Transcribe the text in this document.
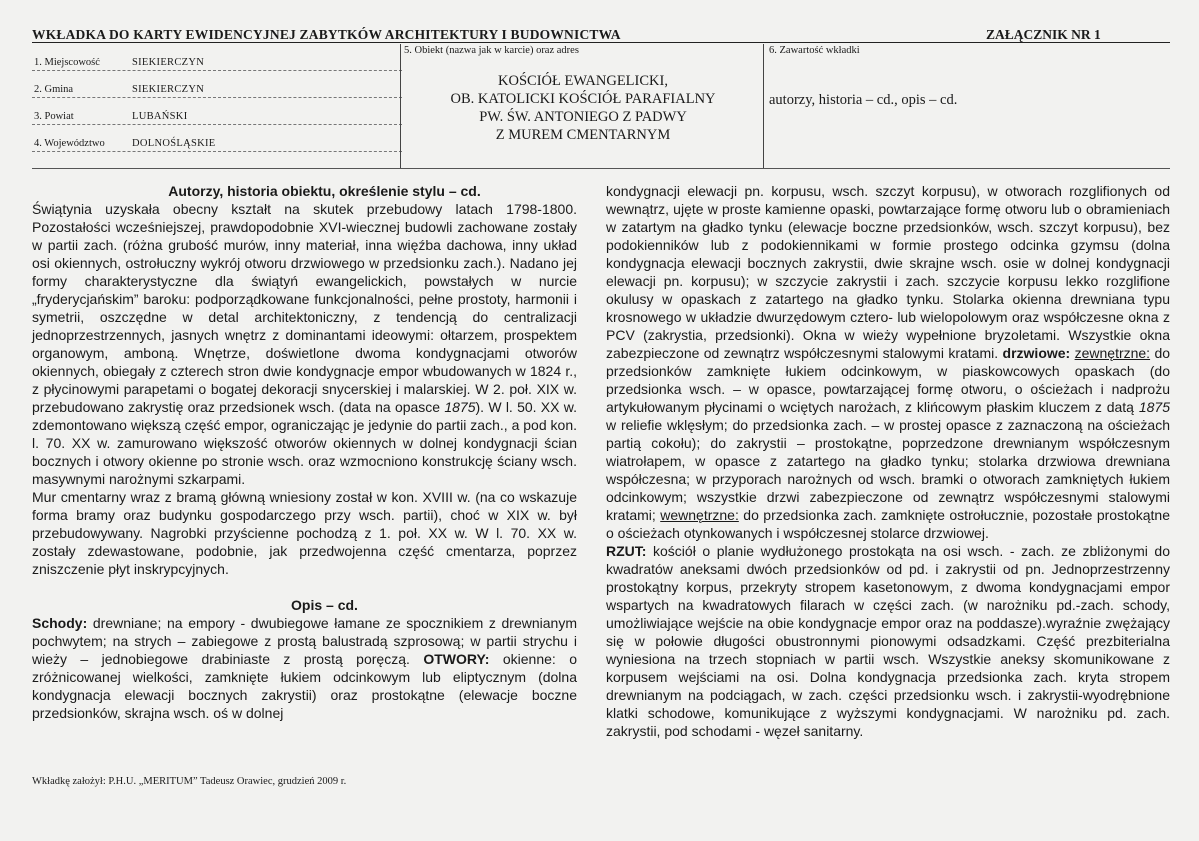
WKŁADKA DO KARTY EWIDENCYJNEJ ZABYTKÓW ARCHITEKTURY I BUDOWNICTWA	ZAŁĄCZNIK NR 1
1. Miejscowość	SIEKIERCZYN
2. Gmina	SIEKIERCZYN
3. Powiat	LUBAŃSKI
4. Województwo	DOLNOŚLĄSKIE
5. Obiekt (nazwa jak w karcie) oraz adres
KOŚCIÓŁ EWANGELICKI,
OB. KATOLICKI KOŚCIÓŁ PARAFIALNY
PW. ŚW. ANTONIEGO Z PADWY
Z MUREM CMENTARNYM
6. Zawartość wkładki
autorzy, historia – cd., opis – cd.

Autorzy, historia obiektu, określenie stylu – cd.

Świątynia uzyskała obecny kształt na skutek przebudowy latach 1798-1800. Pozostałości wcześniejszej, prawdopodobnie XVI-wiecznej budowli zachowane zostały w partii zach. (różna grubość murów, inny materiał, inna więźba dachowa, inny układ osi okiennych, ostrołuczny wykrój otworu drzwiowego w przedsionku zach.). Nadano jej formy charakterystyczne dla świątyń ewangelickich, powstałych w nurcie „fryderycjańskim” baroku: podporządkowane funkcjonalności, pełne prostoty, harmonii i symetrii, oszczędne w detal architektoniczny, z tendencją do centralizacji jednoprzestrzennych, jasnych wnętrz z dominantami ideowymi: ołtarzem, prospektem organowym, amboną. Wnętrze, doświetlone dwoma kondygnacjami otworów okiennych, obiegały z czterech stron dwie kondygnacje empor wbudowanych w 1824 r., z płycinowymi parapetami o bogatej dekoracji snycerskiej i malarskiej. W 2. poł. XIX w. przebudowano zakrystię oraz przedsionek wsch. (data na opasce 1875). W l. 50. XX w. zdemontowano większą część empor, ograniczając je jedynie do partii zach., a pod kon. l. 70. XX w. zamurowano większość otworów okiennych w dolnej kondygnacji ścian bocznych i otwory okienne po stronie wsch. oraz wzmocniono konstrukcję ściany wsch. masywnymi narożnymi szkarpami.

Mur cmentarny wraz z bramą główną wniesiony został w kon. XVIII w. (na co wskazuje forma bramy oraz budynku gospodarczego przy wsch. partii), choć w XIX w. był przebudowywany. Nagrobki przyścienne pochodzą z 1. poł. XX w. W l. 70. XX w. zostały zdewastowane, podobnie, jak przedwojenna część cmentarza, poprzez zniszczenie płyt inskrypcyjnych.

Opis – cd.

Schody: drewniane; na empory - dwubiegowe łamane ze spocznikiem z drewnianym pochwytem; na strych – zabiegowe z prostą balustradą szprosową; w partii strychu i wieży – jednobiegowe drabiniaste z prostą poręczą. OTWORY: okienne: o zróżnicowanej wielkości, zamknięte łukiem odcinkowym lub eliptycznym (dolna kondygnacja elewacji bocznych zakrystii) oraz prostokątne (elewacje boczne przedsionków, skrajna wsch. oś w dolnej

kondygnacji elewacji pn. korpusu, wsch. szczyt korpusu), w otworach rozglifionych od wewnątrz, ujęte w proste kamienne opaski, powtarzające formę otworu lub o obramieniach w zatartym na gładko tynku (elewacje boczne przedsionków, wsch. szczyt korpusu), bez podokienników lub z podokiennikami w formie prostego odcinka gzymsu (dolna kondygnacja elewacji bocznych zakrystii, dwie skrajne wsch. osie w dolnej kondygnacji elewacji pn. korpusu); w szczycie zakrystii i zach. szczycie korpusu lekko rozglifione okulusy w opaskach z zatartego na gładko tynku. Stolarka okienna drewniana typu krosnowego w układzie dwurzędowym cztero- lub wielopolowym oraz współczesne okna z PCV (zakrystia, przedsionki). Okna w wieży wypełnione bryzoletami. Wszystkie okna zabezpieczone od zewnątrz współczesnymi stalowymi kratami. drzwiowe: zewnętrzne: do przedsionków zamknięte łukiem odcinkowym, w piaskowcowych opaskach (do przedsionka wsch. – w opasce, powtarzającej formę otworu, o ościeżach i nadprożu artykułowanym płycinami o wciętych narożach, z klińcowym płaskim kluczem z datą 1875 w reliefie wklęsłym; do przedsionka zach. – w prostej opasce z zaznaczoną na ościeżach partią cokołu); do zakrystii – prostokątne, poprzedzone drewnianym współczesnym wiatrołapem, w opasce z zatartego na gładko tynku; stolarka drzwiowa drewniana współczesna; w przyporach narożnych od wsch. bramki o otworach zamkniętych łukiem odcinkowym; wszystkie drzwi zabezpieczone od zewnątrz współczesnymi stalowymi kratami; wewnętrzne: do przedsionka zach. zamknięte ostrołucznie, pozostałe prostokątne o ościeżach otynkowanych i współczesnej stolarce drzwiowej.

RZUT: kościół o planie wydłużonego prostokąta na osi wsch. - zach. ze zbliżonymi do kwadratów aneksami dwóch przedsionków od pd. i zakrystii od pn. Jednoprzestrzenny prostokątny korpus, przekryty stropem kasetonowym, z dwoma kondygnacjami empor wspartych na kwadratowych filarach w części zach. (w narożniku pd.-zach. schody, umożliwiające wejście na obie kondygnacje empor oraz na poddasze).wyraźnie zwężający się w połowie długości obustronnymi pionowymi odsadzkami. Część prezbiterialna wyniesiona na trzech stopniach w partii wsch. Wszystkie aneksy skomunikowane z korpusem wejściami na osi. Dolna kondygnacja przedsionka zach. kryta stropem drewnianym na podciągach, w zach. części przedsionku wsch. i zakrystii-wyodrębnione klatki schodowe, komunikujące z wyższymi kondygnacjami. W narożniku pd. zach. zakrystii, pod schodami - węzeł sanitarny.

Wkładkę założył: P.H.U. „MERITUM” Tadeusz Orawiec, grudzień 2009 r.
